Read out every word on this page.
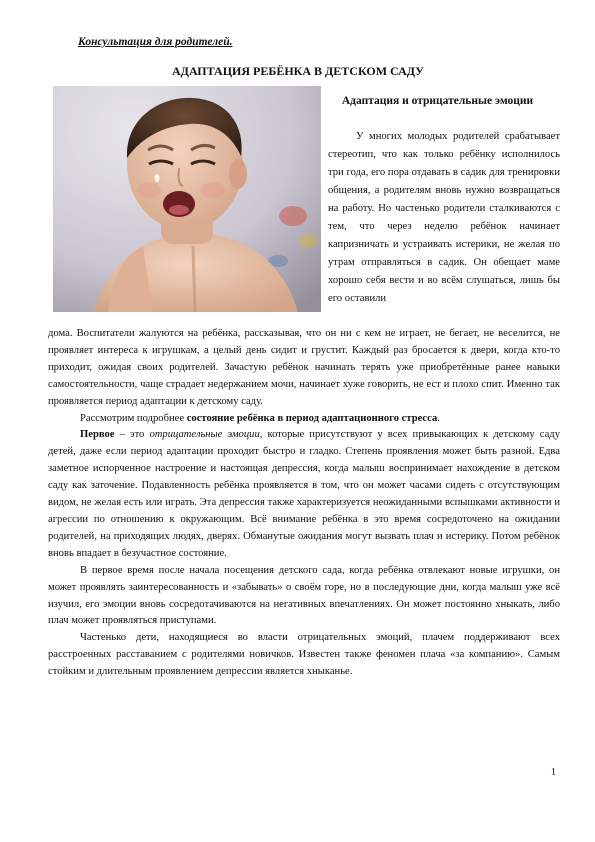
Консультация для родителей.

АДАПТАЦИЯ РЕБЁНКА В ДЕТСКОМ САДУ

Адаптация и отрицательные эмоции

У многих молодых родителей срабатывает стереотип, что как только ребёнку исполнилось три года, его пора отдавать в садик для тренировки общения, а родителям вновь нужно возвращаться на работу. Но частенько родители сталкиваются с тем, что через неделю ребёнок начинает капризничать и устраивать истерики, не желая по утрам отправляться в садик. Он обещает маме хорошо себя вести и во всём слушаться, лишь бы его оставили

дома. Воспитатели жалуются на ребёнка, рассказывая, что он ни с кем не играет, не бегает, не веселится, не проявляет интереса к игрушкам, а целый день сидит и грустит. Каждый раз бросается к двери, когда кто-то приходит, ожидая своих родителей. Зачастую ребёнок начинать терять уже приобретённые ранее навыки самостоятельности, чаще страдает недержанием мочи, начинает хуже говорить, не ест и плохо спит. Именно так проявляется период адаптации к детскому саду.

Рассмотрим подробнее состояние ребёнка в период адаптационного стресса.

Первое – это отрицательные эмоции, которые присутствуют у всех привыкающих к детскому саду детей, даже если период адаптации проходит быстро и гладко. Степень проявления может быть разной. Едва заметное испорченное настроение и настоящая депрессия, когда малыш воспринимает нахождение в детском саду как заточение. Подавленность ребёнка проявляется в том, что он может часами сидеть с отсутствующим видом, не желая есть или играть. Эта депрессия также характеризуется неожиданными вспышками активности и агрессии по отношению к окружающим. Всё внимание ребёнка в это время сосредоточено на ожидании родителей, на приходящих людях, дверях. Обманутые ожидания могут вызвать плач и истерику. Потом ребёнок вновь впадает в безучастное состояние.

В первое время после начала посещения детского сада, когда ребёнка отвлекают новые игрушки, он может проявлять заинтересованность и «забывать» о своём горе, но в последующие дни, когда малыш уже всё изучил, его эмоции вновь сосредотачиваются на негативных впечатлениях. Он может постоянно хныкать, либо плач может проявляться приступами.

Частенько дети, находящиеся во власти отрицательных эмоций, плачем поддерживают всех расстроенных расставанием с родителями новичков. Известен также феномен плача «за компанию». Самым стойким и длительным проявлением депрессии является хныканье.

1
